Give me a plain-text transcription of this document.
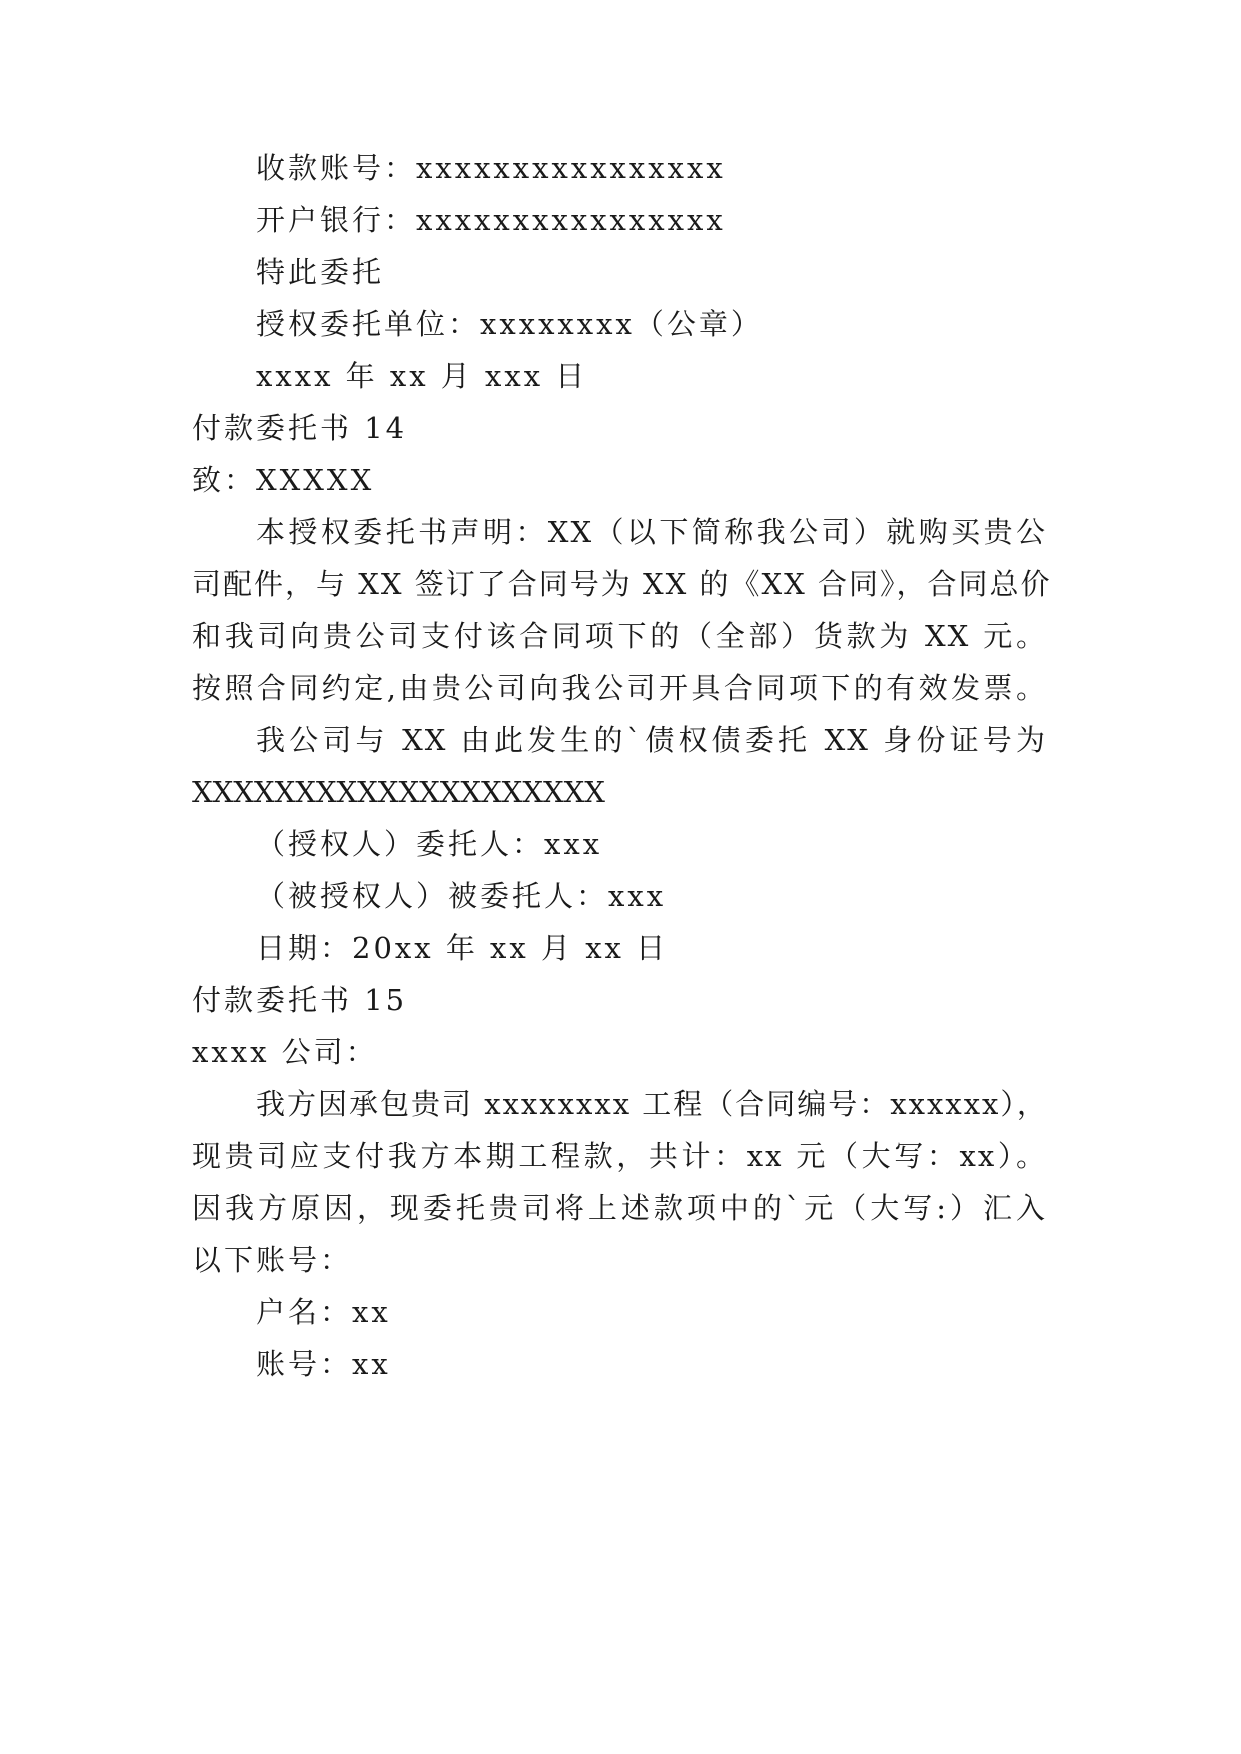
收款账号：xxxxxxxxxxxxxxxx
开户银行：xxxxxxxxxxxxxxxx
特此委托
授权委托单位：xxxxxxxx（公章）
xxxx 年 xx 月 xxx 日
付款委托书 14
致：XXXXX
本授权委托书声明：XX（以下简称我公司）就购买贵公
司配件，与 XX 签订了合同号为 XX 的《XX 合同》，合同总价
和我司向贵公司支付该合同项下的（全部）货款为 XX 元。
按照合同约定,由贵公司向我公司开具合同项下的有效发票。
我公司与 XX 由此发生的`债权债委托 XX 身份证号为
XXXXXXXXXXXXXXXXXXXX
（授权人）委托人：xxx
（被授权人）被委托人：xxx
日期：20xx 年 xx 月 xx 日
付款委托书 15
xxxx 公司：
我方因承包贵司 xxxxxxxx 工程（合同编号：xxxxxx），
现贵司应支付我方本期工程款，共计：xx 元（大写：xx）。
因我方原因，现委托贵司将上述款项中的`元（大写:）汇入
以下账号：
户名：xx
账号：xx
